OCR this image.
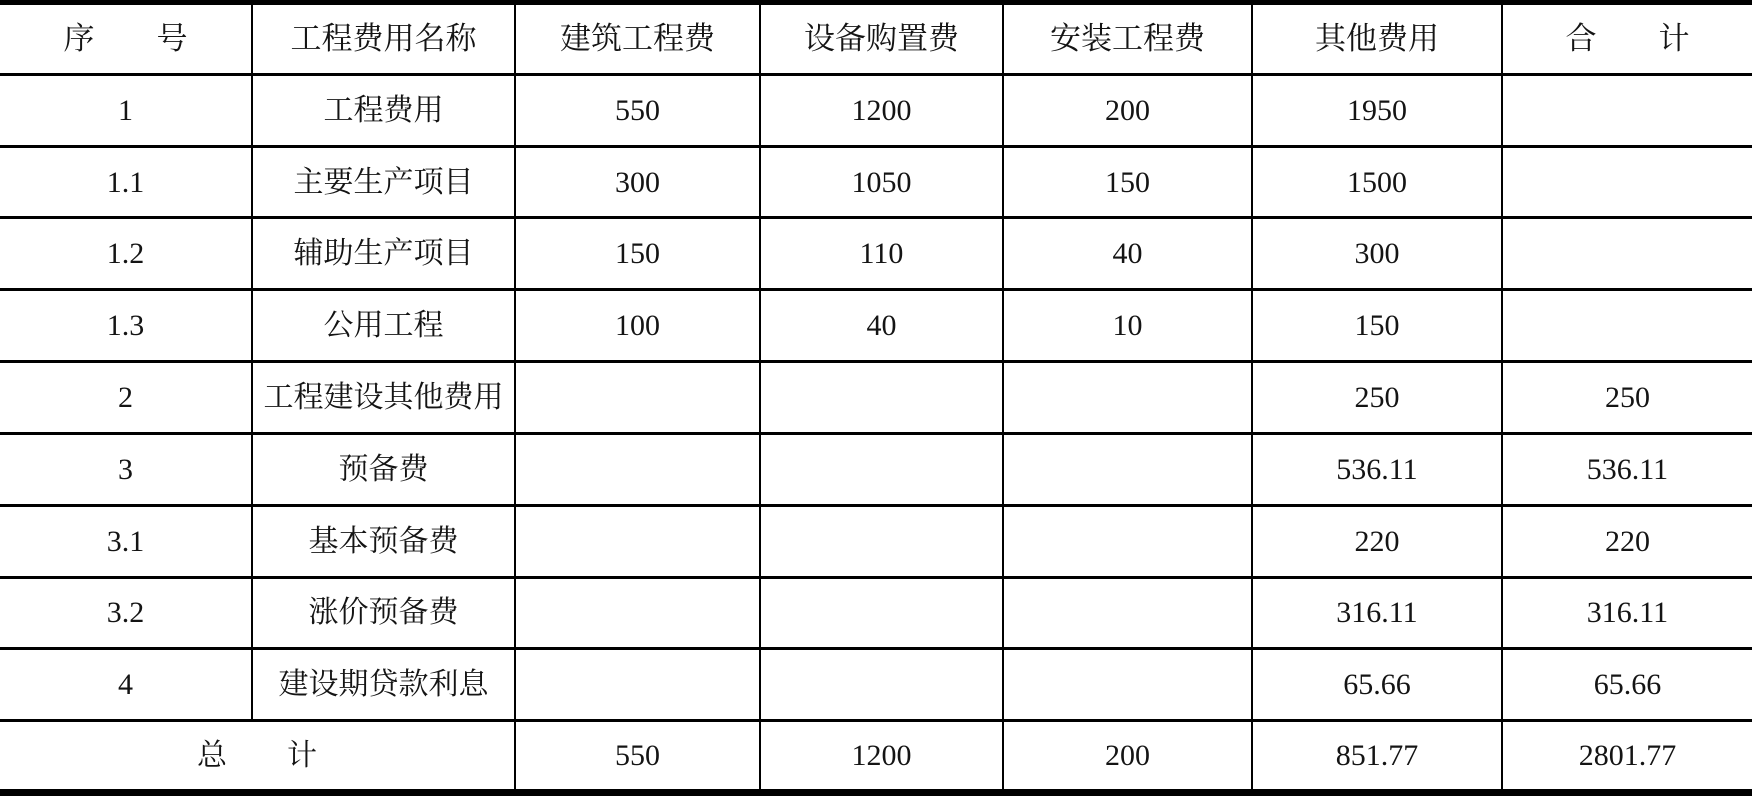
序　　号	工程费用名称	建筑工程费	设备购置费	安装工程费	其他费用	合　　计
1	工程费用	550	1200	200	1950	
1.1	主要生产项目	300	1050	150	1500	
1.2	辅助生产项目	150	110	40	300	
1.3	公用工程	100	40	10	150	
2	工程建设其他费用				250	250
3	预备费				536.11	536.11
3.1	基本预备费				220	220
3.2	涨价预备费				316.11	316.11
4	建设期贷款利息				65.66	65.66
总　　计		550	1200	200	851.77	2801.77
